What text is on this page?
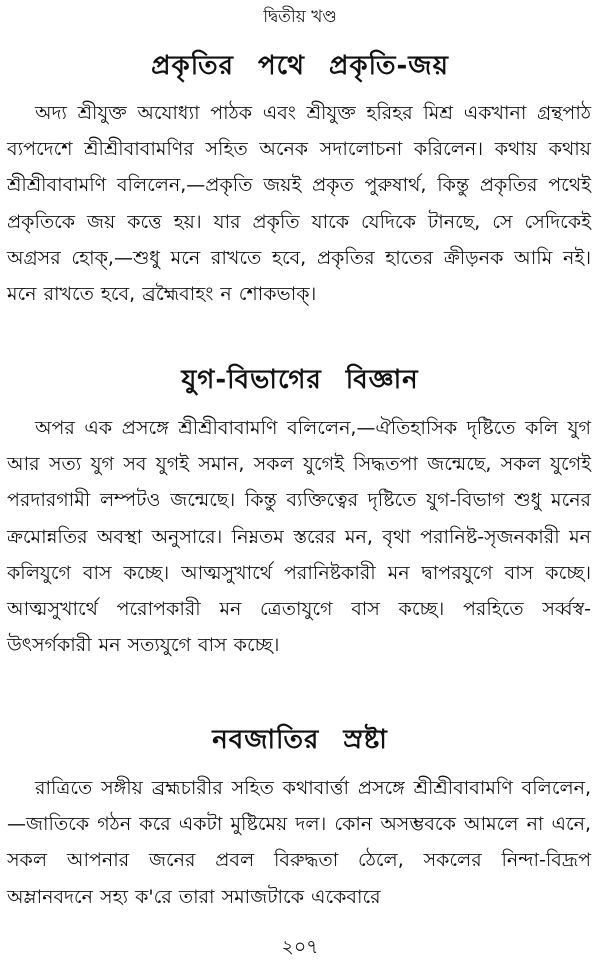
দ্বিতীয় খণ্ড
প্রকৃতির পথে প্রকৃতি-জয়

অদ্য শ্রীযুক্ত অযোধ্যা পাঠক এবং শ্রীযুক্ত হরিহর মিশ্র একখানা গ্রন্থপাঠ ব্যপদেশে শ্রীশ্রীবাবামণির সহিত অনেক সদালোচনা করিলেন। কথায় কথায় শ্রীশ্রীবাবামণি বলিলেন,—প্রকৃতি জয়ই প্রকৃত পুরুষার্থ, কিন্তু প্রকৃতির পথেই প্রকৃতিকে জয় কত্তে হয়। যার প্রকৃতি যাকে যেদিকে টানছে, সে সেদিকেই অগ্রসর হোক্,—শুধু মনে রাখতে হবে, প্রকৃতির হাতের ক্রীড়নক আমি নই। মনে রাখতে হবে, ব্রহ্মৈবাহং ন শোকভাক্।

যুগ-বিভাগের বিজ্ঞান

অপর এক প্রসঙ্গে শ্রীশ্রীবাবামণি বলিলেন,—ঐতিহাসিক দৃষ্টিতে কলি যুগ আর সত্য যুগ সব যুগই সমান, সকল যুগেই সিদ্ধতপা জন্মেছে, সকল যুগেই পরদারগামী লম্পটও জন্মেছে। কিন্তু ব্যক্তিত্বের দৃষ্টিতে যুগ-বিভাগ শুধু মনের ক্রমোন্নতির অবস্থা অনুসারে। নিম্নতম স্তরের মন, বৃথা পরানিষ্ট-সৃজনকারী মন কলিযুগে বাস কচ্ছে। আত্মসুখার্থে পরানিষ্টকারী মন দ্বাপরযুগে বাস কচ্ছে। আত্মসুখার্থে পরোপকারী মন ত্রেতাযুগে বাস কচ্ছে। পরহিতে সর্ব্বস্ব-উৎসর্গকারী মন সত্যযুগে বাস কচ্ছে।

নবজাতির স্রষ্টা

রাত্রিতে সঙ্গীয় ব্রহ্মচারীর সহিত কথাবার্ত্তা প্রসঙ্গে শ্রীশ্রীবাবামণি বলিলেন,—জাতিকে গঠন করে একটা মুষ্টিমেয় দল। কোন অসম্ভবকে আমলে না এনে, সকল আপনার জনের প্রবল বিরুদ্ধতা ঠেলে, সকলের নিন্দা-বিদ্রূপ অম্লানবদনে সহ্য ক'রে তারা সমাজটাকে একেবারে

২০৭
